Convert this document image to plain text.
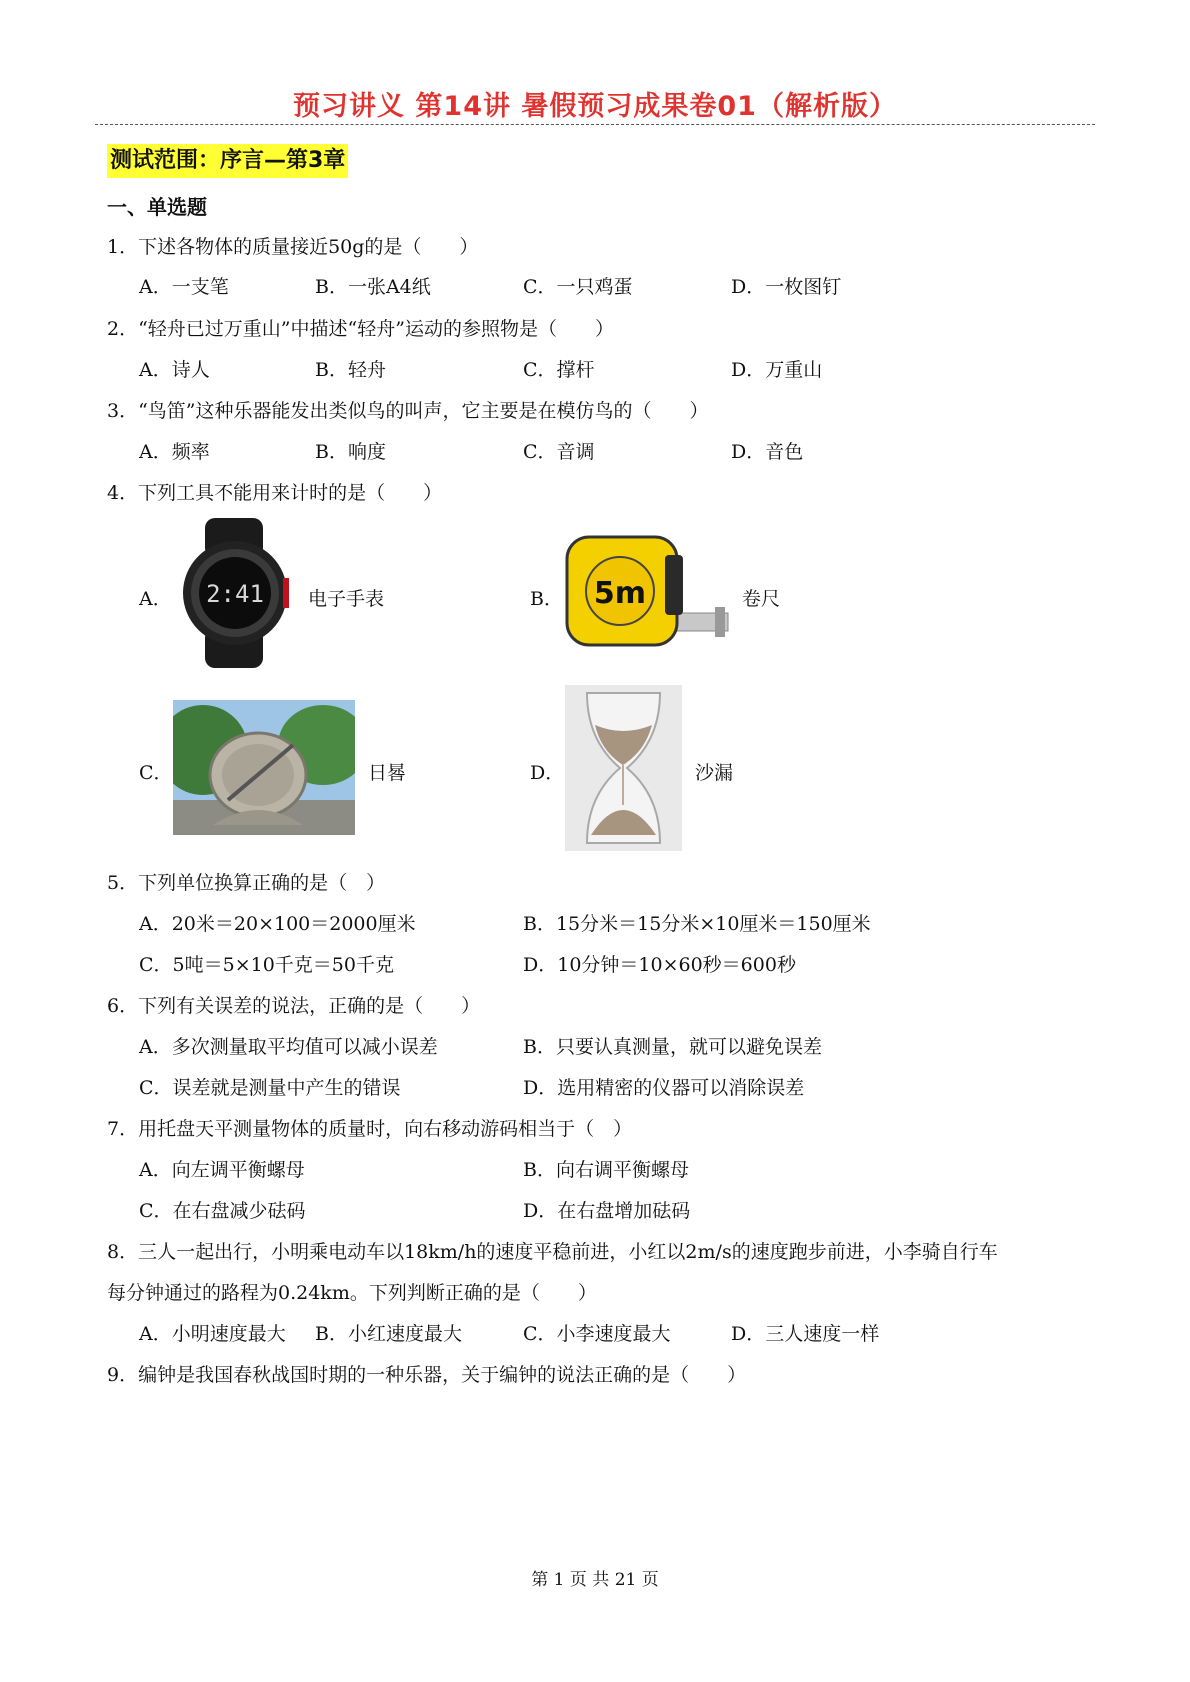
预习讲义 第14讲 暑假预习成果卷01（解析版）
测试范围：序言—第3章
一、单选题
1．下述各物体的质量接近50g的是（　　）
A．一支笔	B．一张A4纸	C．一只鸡蛋	D．一枚图钉
2．“轻舟已过万重山”中描述“轻舟”运动的参照物是（　　）
A．诗人	B．轻舟	C．撑杆	D．万重山
3．“鸟笛”这种乐器能发出类似鸟的叫声，它主要是在模仿鸟的（　　）
A．频率	B．响度	C．音调	D．音色
4．下列工具不能用来计时的是（　　）
A． 2:41 电子手表	B． 5m	卷尺
C．	日晷	D．	沙漏
5．下列单位换算正确的是（　）
A．20米＝20×100＝2000厘米	B．15分米＝15分米×10厘米＝150厘米
C．5吨＝5×10千克＝50千克	D．10分钟＝10×60秒＝600秒
6．下列有关误差的说法，正确的是（　　）
A．多次测量取平均值可以减小误差	B．只要认真测量，就可以避免误差
C．误差就是测量中产生的错误	D．选用精密的仪器可以消除误差
7．用托盘天平测量物体的质量时，向右移动游码相当于（　）
A．向左调平衡螺母	B．向右调平衡螺母
C．在右盘减少砝码	D．在右盘增加砝码
8．三人一起出行，小明乘电动车以18km/h的速度平稳前进，小红以2m/s的速度跑步前进，小李骑自行车
每分钟通过的路程为0.24km。下列判断正确的是（　　）
A．小明速度最大 B．小红速度最大	C．小李速度最大	D．三人速度一样
9．编钟是我国春秋战国时期的一种乐器，关于编钟的说法正确的是（　　）
第 1 页 共 21 页
